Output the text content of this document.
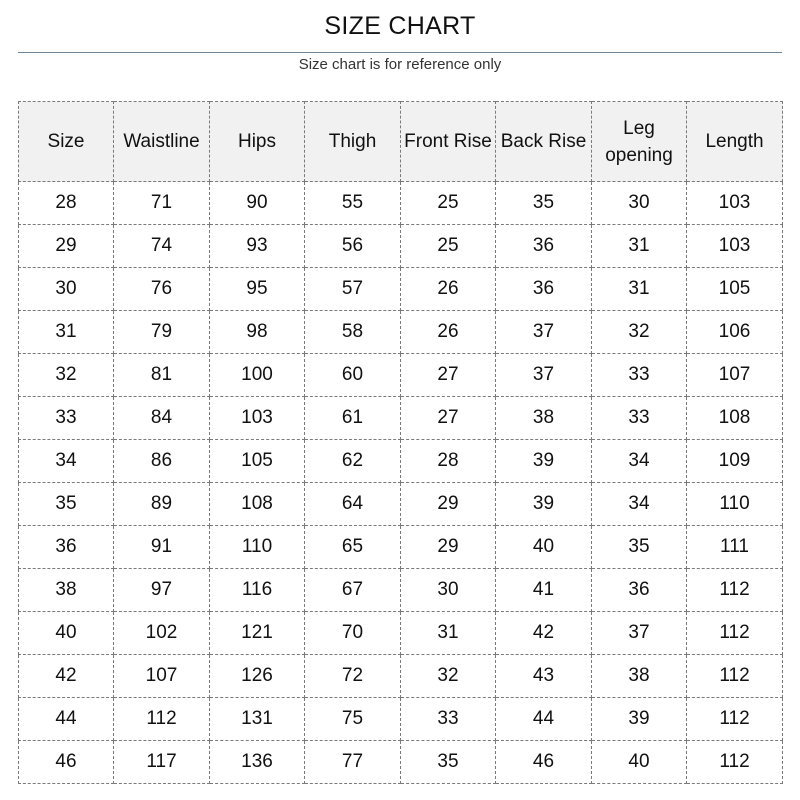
SIZE CHART
Size chart is for reference only
Size	Waistline	Hips	Thigh	Front Rise	Back Rise	Leg opening	Length
28	71	90	55	25	35	30	103
29	74	93	56	25	36	31	103
30	76	95	57	26	36	31	105
31	79	98	58	26	37	32	106
32	81	100	60	27	37	33	107
33	84	103	61	27	38	33	108
34	86	105	62	28	39	34	109
35	89	108	64	29	39	34	110
36	91	110	65	29	40	35	111
38	97	116	67	30	41	36	112
40	102	121	70	31	42	37	112
42	107	126	72	32	43	38	112
44	112	131	75	33	44	39	112
46	117	136	77	35	46	40	112
